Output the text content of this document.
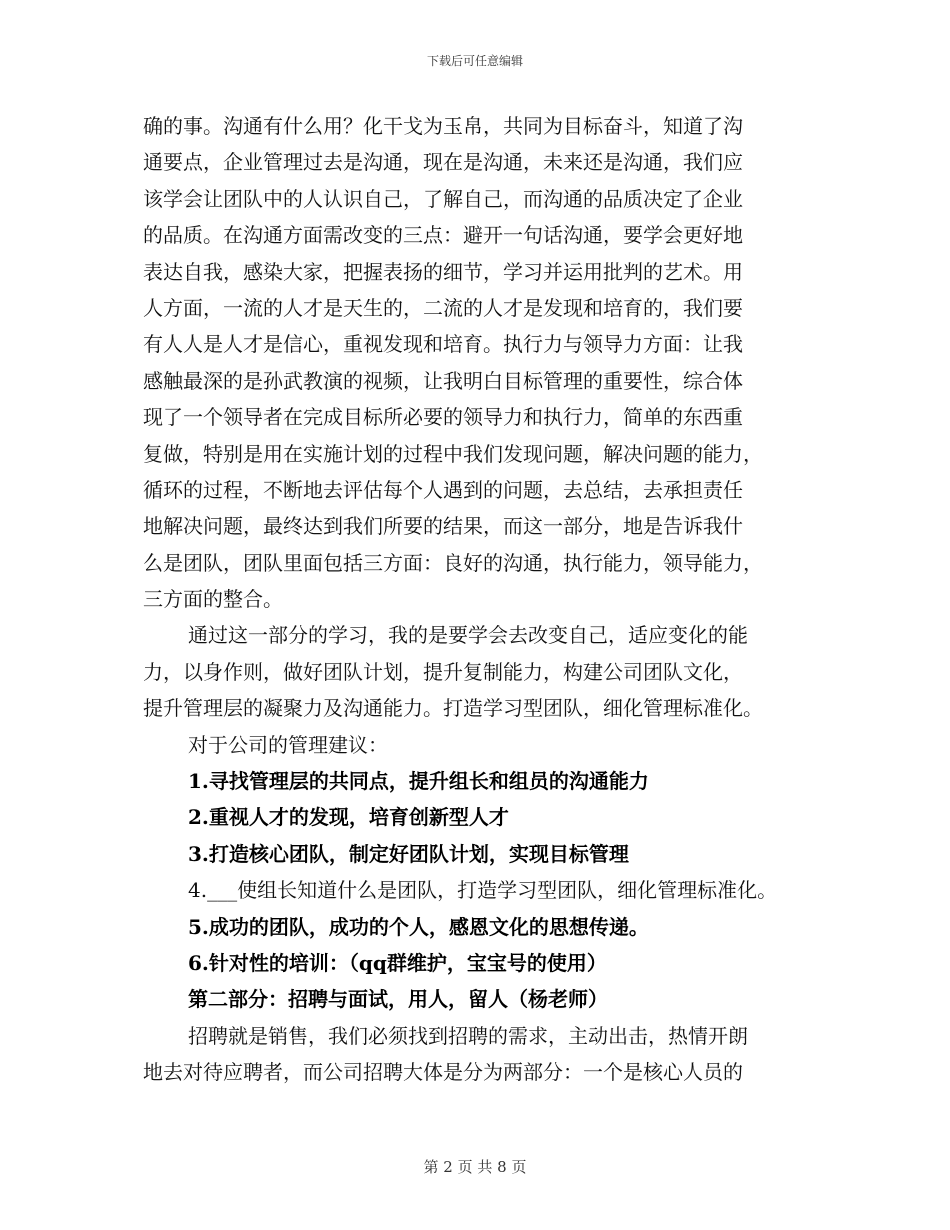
下载后可任意编辑
确的事。沟通有什么用？化干戈为玉帛，共同为目标奋斗，知道了沟
通要点，企业管理过去是沟通，现在是沟通，未来还是沟通，我们应
该学会让团队中的人认识自己，了解自己，而沟通的品质决定了企业
的品质。在沟通方面需改变的三点：避开一句话沟通，要学会更好地
表达自我，感染大家，把握表扬的细节，学习并运用批判的艺术。用
人方面，一流的人才是天生的，二流的人才是发现和培育的，我们要
有人人是人才是信心，重视发现和培育。执行力与领导力方面：让我
感触最深的是孙武教演的视频，让我明白目标管理的重要性，综合体
现了一个领导者在完成目标所必要的领导力和执行力，简单的东西重
复做，特别是用在实施计划的过程中我们发现问题，解决问题的能力，
循环的过程，不断地去评估每个人遇到的问题，去总结，去承担责任
地解决问题，最终达到我们所要的结果，而这一部分，地是告诉我什
么是团队，团队里面包括三方面：良好的沟通，执行能力，领导能力，
三方面的整合。
通过这一部分的学习，我的是要学会去改变自己，适应变化的能
力，以身作则，做好团队计划，提升复制能力，构建公司团队文化，
提升管理层的凝聚力及沟通能力。打造学习型团队，细化管理标准化。
对于公司的管理建议：
1.寻找管理层的共同点，提升组长和组员的沟通能力
2.重视人才的发现，培育创新型人才
3.打造核心团队，制定好团队计划，实现目标管理
4.___使组长知道什么是团队，打造学习型团队，细化管理标准化。
5.成功的团队，成功的个人，感恩文化的思想传递。
6.针对性的培训：（qq群维护，宝宝号的使用）
第二部分：招聘与面试，用人，留人（杨老师）
招聘就是销售，我们必须找到招聘的需求，主动出击，热情开朗
地去对待应聘者，而公司招聘大体是分为两部分：一个是核心人员的
第 2 页 共 8 页
